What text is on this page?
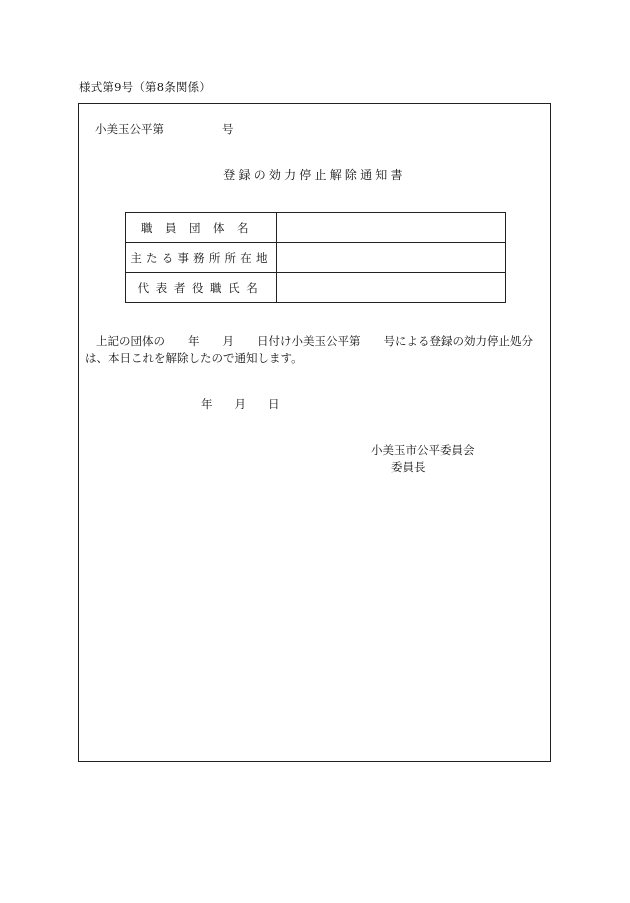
様式第9号（第8条関係）
小美玉公平第	号
登録の効力停止解除通知書
職員団体名	
主たる事務所所在地	
代表者役職氏名	
上記の団体の　　年　　月　　日付け小美玉公平第　　号による登録の効力停止処分
は、本日これを解除したので通知します。
年 月 日
小美玉市公平委員会
委員長
